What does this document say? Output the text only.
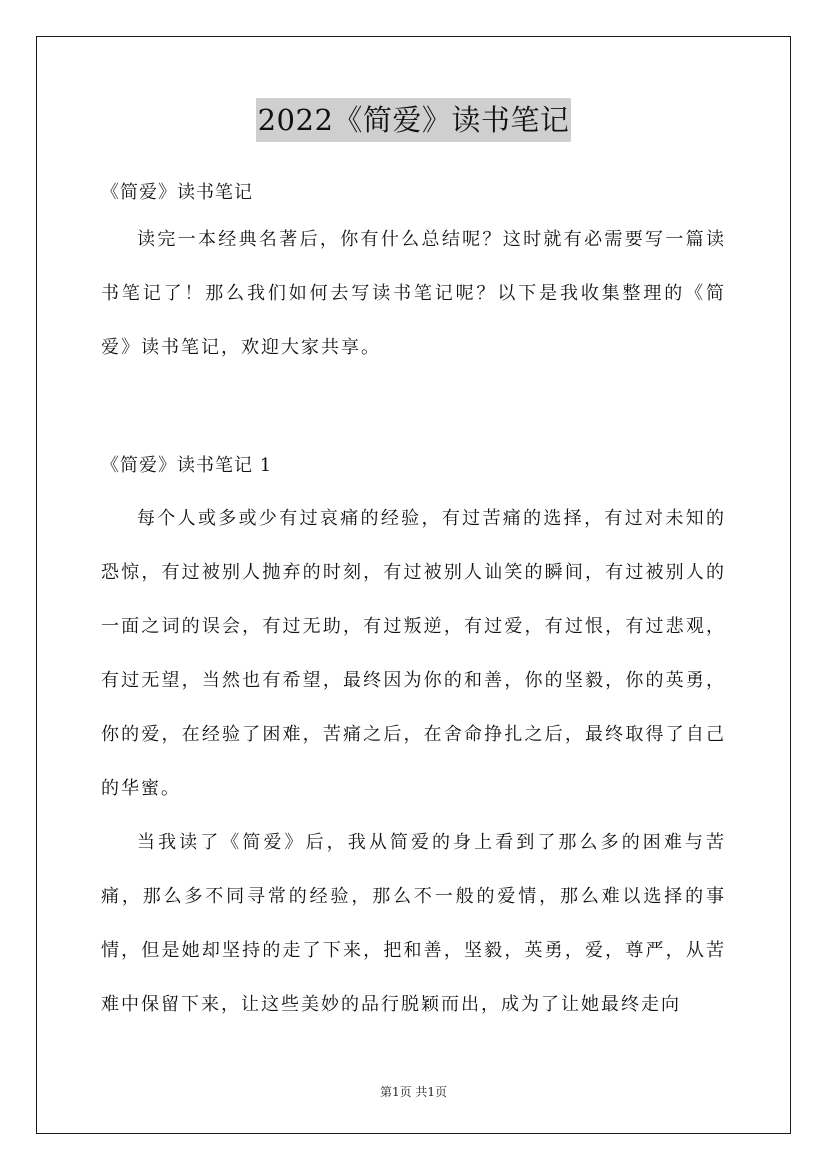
2022《简爱》读书笔记

《简爱》读书笔记

读完一本经典名著后，你有什么总结呢？这时就有必需要写一篇读书笔记了！那么我们如何去写读书笔记呢？以下是我收集整理的《简爱》读书笔记，欢迎大家共享。

《简爱》读书笔记 1

每个人或多或少有过哀痛的经验，有过苦痛的选择，有过对未知的恐惊，有过被别人抛弃的时刻，有过被别人讪笑的瞬间，有过被别人的一面之词的误会，有过无助，有过叛逆，有过爱，有过恨，有过悲观，有过无望，当然也有希望，最终因为你的和善，你的坚毅，你的英勇，你的爱，在经验了困难，苦痛之后，在舍命挣扎之后，最终取得了自己的华蜜。

当我读了《简爱》后，我从简爱的身上看到了那么多的困难与苦痛，那么多不同寻常的经验，那么不一般的爱情，那么难以选择的事情，但是她却坚持的走了下来，把和善，坚毅，英勇，爱，尊严，从苦难中保留下来，让这些美妙的品行脱颖而出，成为了让她最终走向

第1页 共1页
